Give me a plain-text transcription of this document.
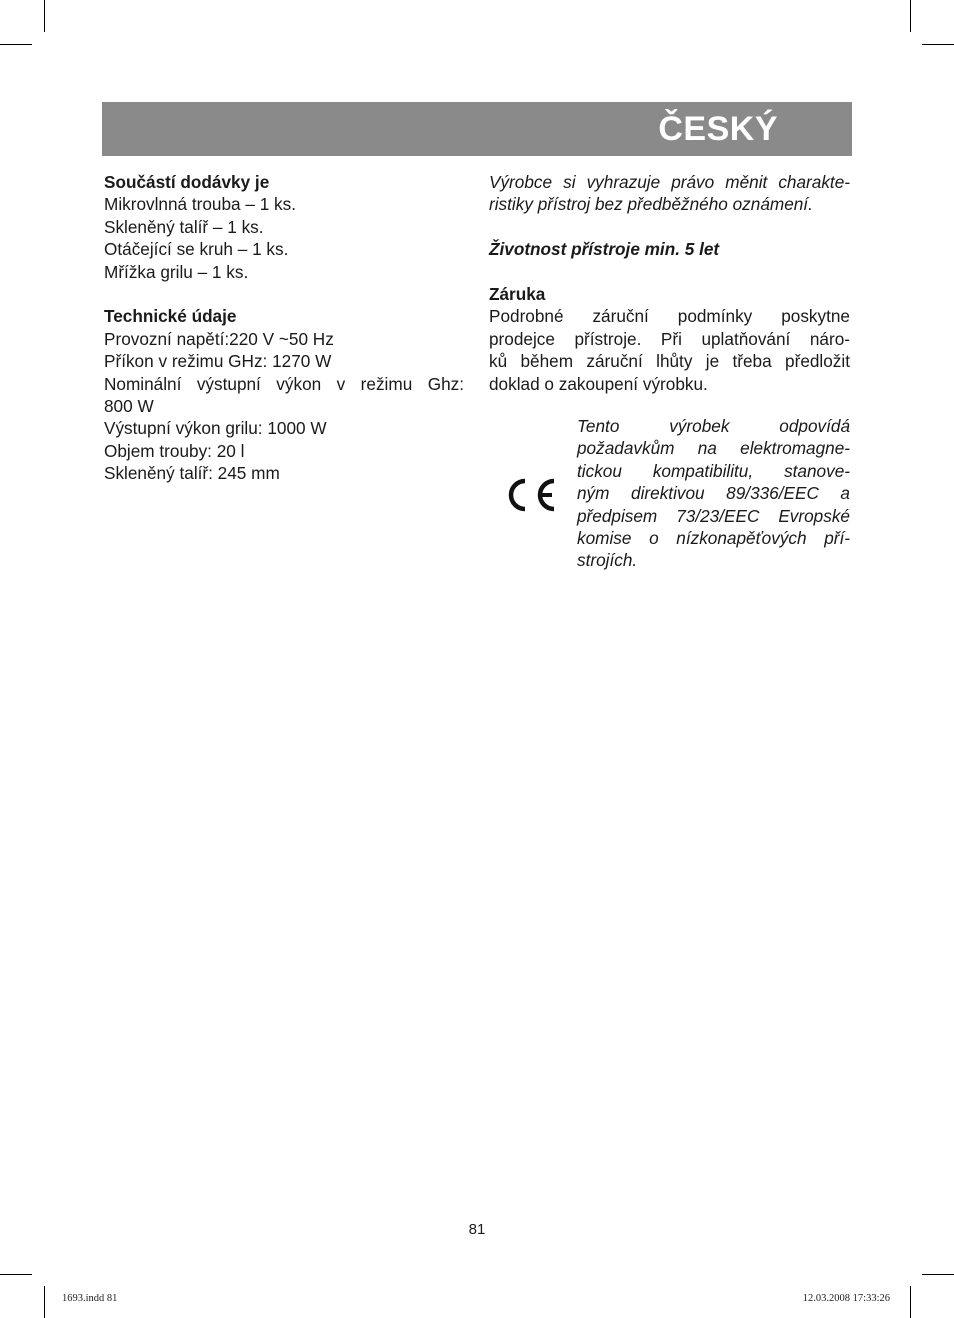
ČESKÝ
Součástí dodávky je
Mikrovlnná trouba – 1 ks.
Skleněný talíř – 1 ks.
Otáčející se kruh – 1 ks.
Mřížka grilu – 1 ks.
Technické údaje
Provozní napětí:220 V ~50 Hz
Příkon v režimu GHz: 1270 W
Nominální výstupní výkon v režimu Ghz:
800 W
Výstupní výkon grilu: 1000 W
Objem trouby: 20 l
Skleněný talíř: 245 mm
Výrobce si vyhrazuje právo měnit charakte-
ristiky přístroj bez předběžného oznámení.
Životnost přístroje min. 5 let
Záruka
Podrobné záruční podmínky poskytne
prodejce přístroje. Při uplatňování náro-
ků během záruční lhůty je třeba předložit
doklad o zakoupení výrobku.
Tento výrobek odpovídá
požadavkům na elektromagne-
tickou kompatibilitu, stanove-
ným direktivou 89/336/EEC a
předpisem 73/23/EEC Evropské
komise o nízkonapěťových pří-
strojích.
81
1693.indd 81	12.03.2008 17:33:26
